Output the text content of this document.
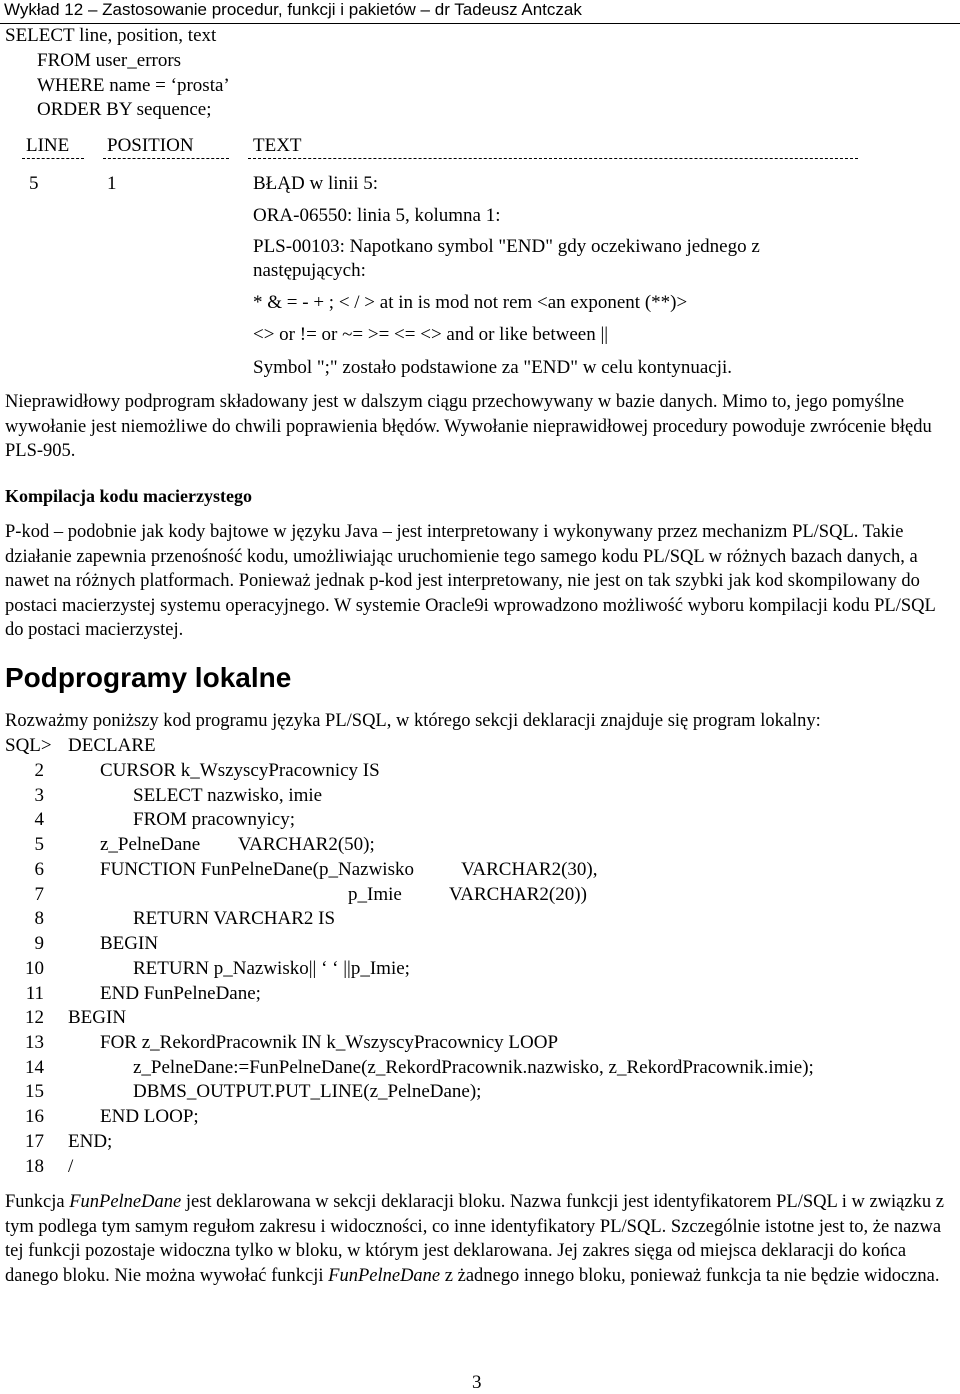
Wykład 12 – Zastosowanie procedur, funkcji i pakietów – dr Tadeusz Antczak
SELECT line, position, text
FROM user_errors
WHERE name = ‘prosta’
ORDER BY sequence;
LINE POSITION	TEXT
5	1	BŁĄD w linii 5:
ORA-06550: linia 5, kolumna 1:
PLS-00103: Napotkano symbol "END" gdy oczekiwano jednego z
następujących:
* & = - + ; < / > at in is mod not rem <an exponent (**)>
<> or != or ~= >= <= <> and or like between ||
Symbol ";" zostało podstawione za "END" w celu kontynuacji.

Nieprawidłowy podprogram składowany jest w dalszym ciągu przechowywany w bazie danych. Mimo to, jego pomyślne wywołanie jest niemożliwe do chwili poprawienia błędów. Wywołanie nieprawidłowej procedury powoduje zwrócenie błędu PLS-905.

Kompilacja kodu macierzystego

P-kod – podobnie jak kody bajtowe w języku Java – jest interpretowany i wykonywany przez mechanizm PL/SQL. Takie działanie zapewnia przenośność kodu, umożliwiając uruchomienie tego samego kodu PL/SQL w różnych bazach danych, a nawet na różnych platformach. Ponieważ jednak p-kod jest interpretowany, nie jest on tak szybki jak kod skompilowany do postaci macierzystej systemu operacyjnego. W systemie Oracle9i wprowadzono możliwość wyboru kompilacji kodu PL/SQL do postaci macierzystej.

Podprogramy lokalne

Rozważmy poniższy kod programu języka PL/SQL, w którego sekcji deklaracji znajduje się program lokalny:

SQL> DECLARE
2	CURSOR k_WszyscyPracownicy IS
3	SELECT nazwisko, imie
4	FROM pracownyicy;
5	z_PelneDane        VARCHAR2(50);
6	FUNCTION FunPelneDane(p_Nazwisko          VARCHAR2(30),
7	p_Imie          VARCHAR2(20))
8	RETURN VARCHAR2 IS
9	BEGIN
10	RETURN p_Nazwisko|| ‘ ‘ ||p_Imie;
11	END FunPelneDane;
12 BEGIN
13	FOR z_RekordPracownik IN k_WszyscyPracownicy LOOP
14	z_PelneDane:=FunPelneDane(z_RekordPracownik.nazwisko, z_RekordPracownik.imie);
15	DBMS_OUTPUT.PUT_LINE(z_PelneDane);
16	END LOOP;
17 END;
18 /

Funkcja FunPelneDane jest deklarowana w sekcji deklaracji bloku. Nazwa funkcji jest identyfikatorem PL/SQL i w związku z tym podlega tym samym regułom zakresu i widoczności, co inne identyfikatory PL/SQL. Szczególnie istotne jest to, że nazwa tej funkcji pozostaje widoczna tylko w bloku, w którym jest deklarowana. Jej zakres sięga od miejsca deklaracji do końca danego bloku. Nie można wywołać funkcji FunPelneDane z żadnego innego bloku, ponieważ funkcja ta nie będzie widoczna.

3
